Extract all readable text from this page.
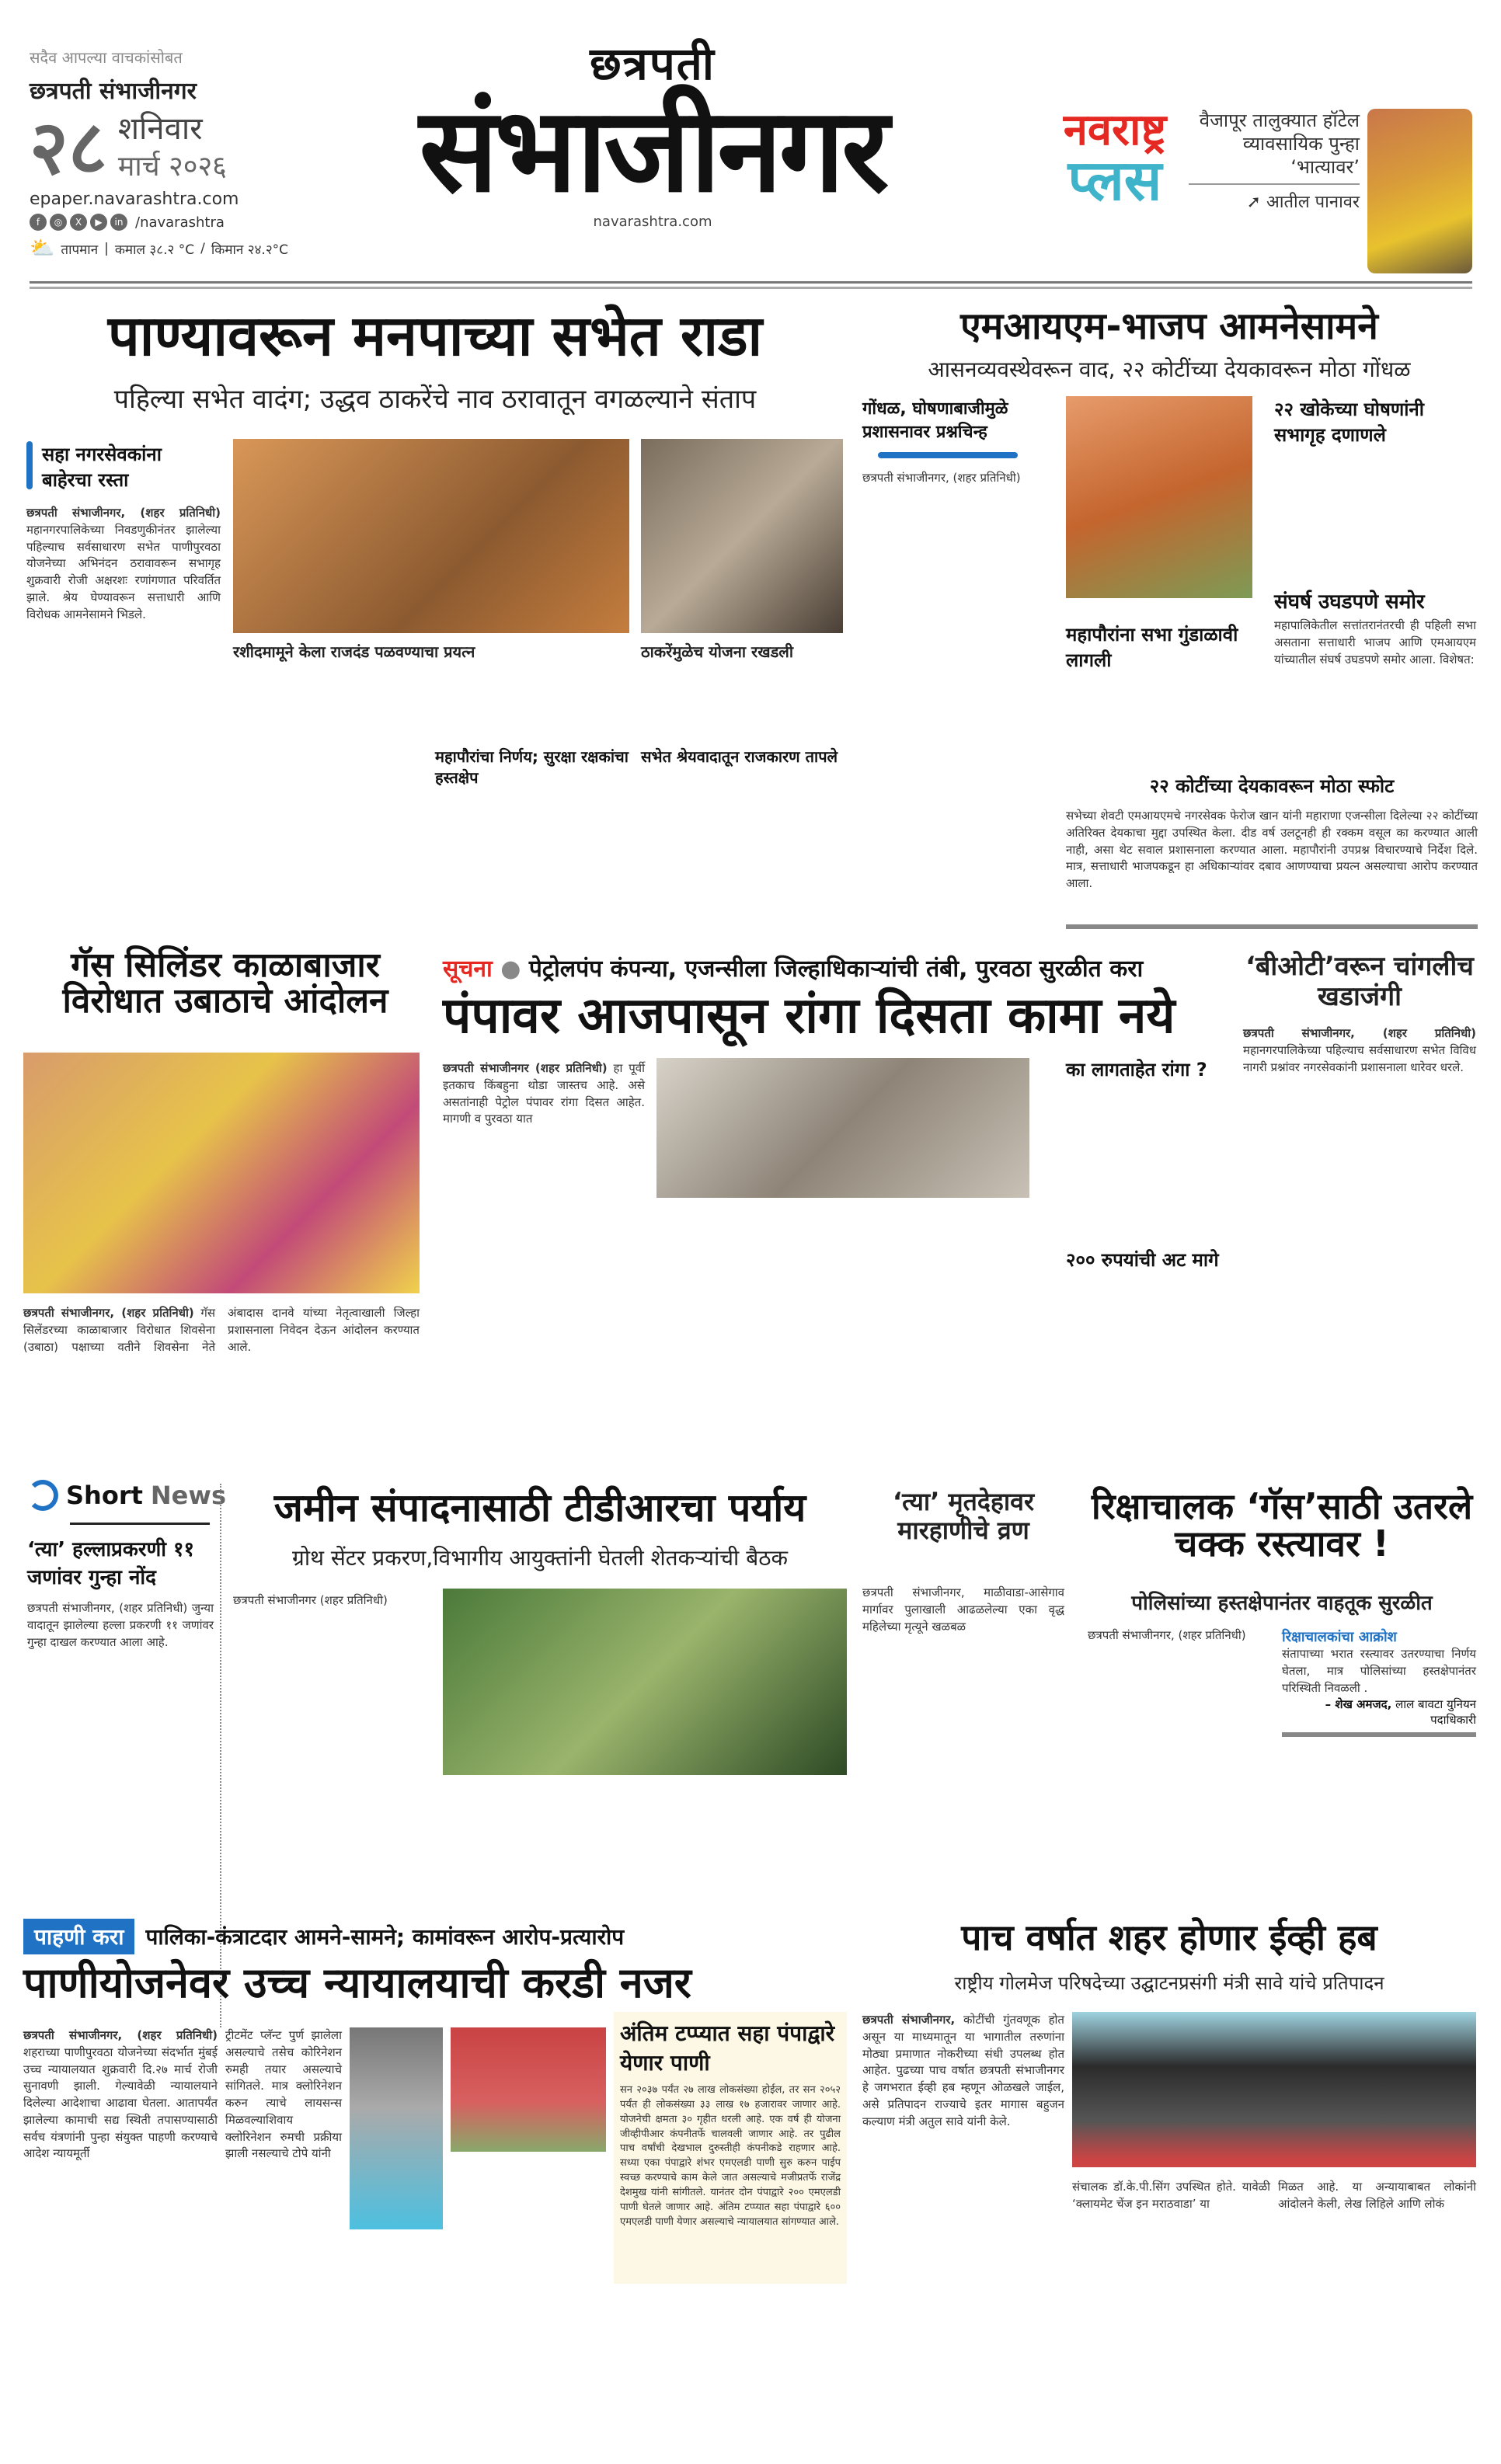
सदैव आपल्या वाचकांसोबत
छत्रपती संभाजीनगर
२८ शनिवार
मार्च २०२६
epaper.navarashtra.com
f	◎	X	▶	in /navarashtra
⛅ तापमान | कमाल ३८.२ °C / किमान २४.२°C
छत्रपती
संभाजीनगर
navarashtra.com
नवराष्ट्र
प्लस
वैजापूर तालुक्यात हॉटेल व्यावसायिक पुन्हा ‘भात्यावर’
➚ आतील पानावर
पाण्यावरून मनपाच्या सभेत राडा
पहिल्या सभेत वादंग; उद्धव ठाकरेंचे नाव ठरावातून वगळल्याने संताप
सहा नगरसेवकांना बाहेरचा रस्ता
छत्रपती संभाजीनगर, (शहर प्रतिनिधी) महानगरपालिकेच्या निवडणुकीनंतर झालेल्या पहिल्याच सर्वसाधारण सभेत पाणीपुरवठा योजनेच्या अभिनंदन ठरावावरून सभागृह शुक्रवारी रोजी अक्षरशः रणांगणात परिवर्तित झाले. श्रेय घेण्यावरून सत्ताधारी आणि विरोधक आमनेसामने भिडले.
रशीदमामूने केला राजदंड पळवण्याचा प्रयत्न	ठाकरेंमुळेच योजना रखडली
महापौरांचा निर्णय; सुरक्षा रक्षकांचा हस्तक्षेप
सभेत श्रेयवादातून राजकारण तापले
एमआयएम-भाजप आमनेसामने
आसनव्यवस्थेवरून वाद, २२ कोटींच्या देयकावरून मोठा गोंधळ
गोंधळ, घोषणाबाजीमुळे प्रशासनावर प्रश्नचिन्ह
छत्रपती संभाजीनगर, (शहर प्रतिनिधी)
२२ खोकेच्या घोषणांनी सभागृह दणाणले
संघर्ष उघडपणे समोर
महापालिकेतील सत्तांतरानंतरची ही पहिली सभा असताना सत्ताधारी भाजप आणि एमआयएम यांच्यातील संघर्ष उघडपणे समोर आला. विशेषत:
महापौरांना सभा गुंडाळावी लागली
२२ कोटींच्या देयकावरून मोठा स्फोट
सभेच्या शेवटी एमआयएमचे नगरसेवक फेरोज खान यांनी महाराणा एजन्सीला दिलेल्या २२ कोटींच्या अतिरिक्त देयकाचा मुद्दा उपस्थित केला. दीड वर्ष उलटूनही ही रक्कम वसूल का करण्यात आली नाही, असा थेट सवाल प्रशासनाला करण्यात आला. महापौरांनी उपप्रश्न विचारण्याचे निर्देश दिले. मात्र, सत्ताधारी भाजपकडून हा अधिकाऱ्यांवर दबाव आणण्याचा प्रयत्न असल्याचा आरोप करण्यात आला.
गॅस सिलिंडर काळाबाजार विरोधात उबाठाचे आंदोलन
छत्रपती संभाजीनगर, (शहर प्रतिनिधी) गॅस सिलेंडरच्या काळाबाजार विरोधात शिवसेना (उबाठा) पक्षाच्या वतीने शिवसेना नेते अंबादास दानवे यांच्या नेतृत्वाखाली जिल्हा प्रशासनाला निवेदन देऊन आंदोलन करण्यात आले.
सूचना ● पेट्रोलपंप कंपन्या, एजन्सीला जिल्हाधिकाऱ्यांची तंबी, पुरवठा सुरळीत करा
पंपावर आजपासून रांगा दिसता कामा नये
छत्रपती संभाजीनगर (शहर प्रतिनिधी) हा पूर्वी इतकाच किंबहुना थोडा जास्तच आहे. असे असतांनाही पेट्रोल पंपावर रांगा दिसत आहेत. मागणी व पुरवठा यात
का लागताहेत रांगा ?
२०० रुपयांची अट मागे
‘बीओटी’वरून चांगलीच खडाजंगी
छत्रपती संभाजीनगर, (शहर प्रतिनिधी) महानगरपालिकेच्या पहिल्याच सर्वसाधारण सभेत विविध नागरी प्रश्नांवर नगरसेवकांनी प्रशासनाला धारेवर धरले.
Short News
‘त्या’ हल्लाप्रकरणी ११ जणांवर गुन्हा नोंद
छत्रपती संभाजीनगर, (शहर प्रतिनिधी) जुन्या वादातून झालेल्या हल्ला प्रकरणी ११ जणांवर गुन्हा दाखल करण्यात आला आहे.
जमीन संपादनासाठी टीडीआरचा पर्याय
ग्रोथ सेंटर प्रकरण,विभागीय आयुक्तांनी घेतली शेतकऱ्यांची बैठक
छत्रपती संभाजीनगर (शहर प्रतिनिधी)
‘त्या’ मृतदेहावर मारहाणीचे व्रण
छत्रपती संभाजीनगर, माळीवाडा-आसेगाव मार्गावर पुलाखाली आढळलेल्या एका वृद्ध महिलेच्या मृत्यूने खळबळ
रिक्षाचालक ‘गॅस’साठी उतरले चक्क रस्त्यावर !
पोलिसांच्या हस्तक्षेपानंतर वाहतूक सुरळीत
छत्रपती संभाजीनगर, (शहर प्रतिनिधी)	रिक्षाचालकांचा आक्रोश
संतापाच्या भरात रस्त्यावर उतरण्याचा निर्णय घेतला, मात्र पोलिसांच्या हस्तक्षेपानंतर परिस्थिती निवळली .
– शेख अमजद, लाल बावटा युनियन पदाधिकारी
पाहणी करा	पालिका-कंत्राटदार आमने-सामने; कामांवरून आरोप-प्रत्यारोप
पाणीयोजनेवर उच्च न्यायालयाची करडी नजर
छत्रपती संभाजीनगर, (शहर प्रतिनिधी) शहराच्या पाणीपुरवठा योजनेच्या संदर्भात मुंबई उच्च न्यायालयात शुक्रवारी दि.२७ मार्च रोजी सुनावणी झाली. गेल्यावेळी न्यायालयाने दिलेल्या आदेशाचा आढावा घेतला. आतापर्यंत झालेल्या कामाची सद्य स्थिती तपासण्यासाठी सर्वच यंत्रणांनी पुन्हा संयुक्त पाहणी करण्याचे आदेश न्यायमूर्ती
ट्रीटमेंट प्लॅन्ट पुर्ण झालेला असल्याचे तसेच कोरिनेशन रुमही तयार असल्याचे सांगितले. मात्र क्लोरिनेशन करुन त्याचे लायसन्स मिळवल्याशिवाय क्लोरिनेशन रुमची प्रक्रीया झाली नसल्याचे टोपे यांनी
अंतिम टप्प्यात सहा पंपाद्वारे येणार पाणी
सन २०३७ पर्यंत २७ लाख लोकसंख्या होईल, तर सन २०५२ पर्यंत ही लोकसंख्या ३३ लाख १७ हजारावर जाणार आहे. योजनेची क्षमता ३० गृहीत धरली आहे. एक वर्ष ही योजना जीव्हीपीआर कंपनीतर्फे चालवली जाणार आहे. तर पुढील पाच वर्षांची देखभाल दुरुस्तीही कंपनीकडे राहणार आहे. सध्या एका पंपाद्वारे शंभर एमएलडी पाणी सुरु करुन पाईप स्वच्छ करण्याचे काम केले जात असल्याचे मजीप्रतर्फे राजेंद्र देशमुख यांनी सांगीतले. यानंतर दोन पंपाद्वारे २०० एमएलडी पाणी घेतले जाणार आहे. अंतिम टप्प्यात सहा पंपाद्वारे ६०० एमएलडी पाणी येणार असल्याचे न्यायालयात सांगण्यात आले.
पाच वर्षात शहर होणार ईव्ही हब
राष्ट्रीय गोलमेज परिषदेच्या उद्घाटनप्रसंगी मंत्री सावे यांचे प्रतिपादन
छत्रपती संभाजीनगर, कोटींची गुंतवणूक होत असून या माध्यमातून या भागातील तरुणांना मोठ्या प्रमाणात नोकरीच्या संधी उपलब्ध होत आहेत. पुढच्या पाच वर्षात छत्रपती संभाजीनगर हे जगभरात ईव्ही हब म्हणून ओळखले जाईल, असे प्रतिपादन राज्याचे इतर मागास बहुजन कल्याण मंत्री अतुल सावे यांनी केले.
संचालक डॉ.के.पी.सिंग उपस्थित होते. यावेळी ‘क्लायमेट चेंज इन मराठवाडा’ या
मिळत आहे. या अन्यायाबाबत लोकांनी आंदोलने केली, लेख लिहिले आणि लोकं
